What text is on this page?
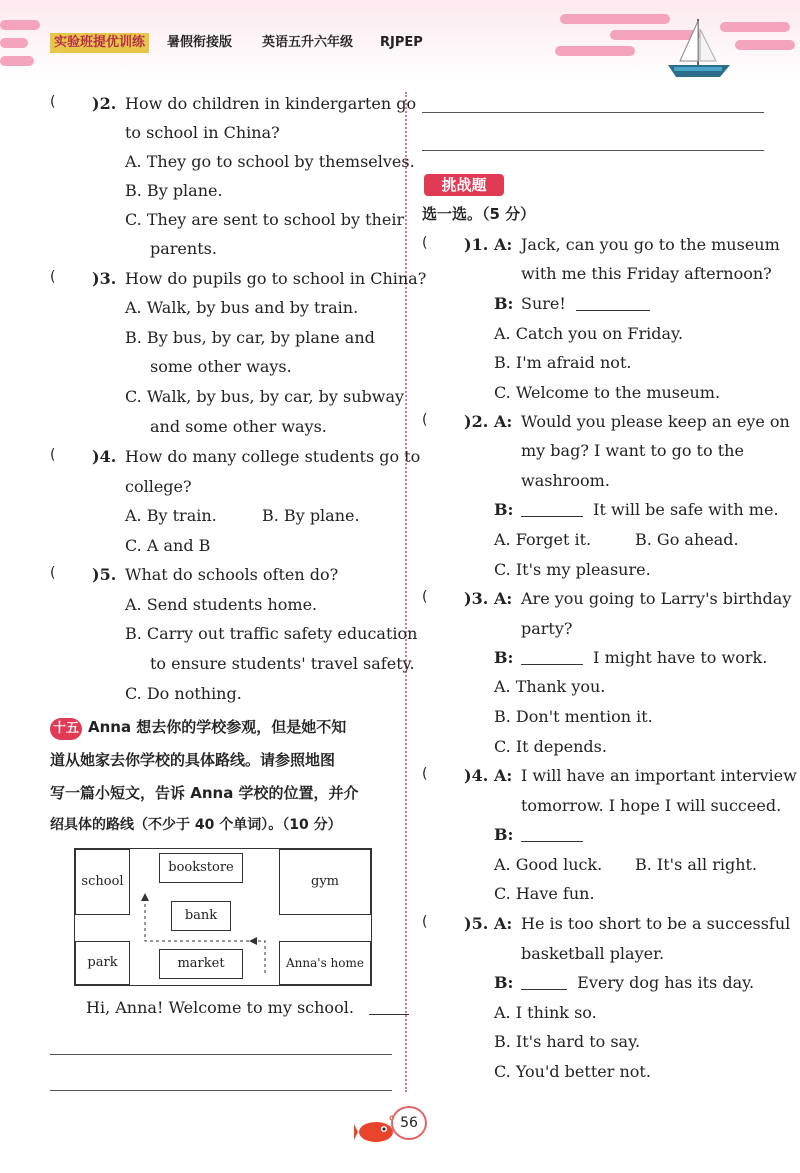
实验班提优训练	暑假衔接版 英语五升六年级 RJPEP
( )2. How do children in kindergarten go
to school in China?
A. They go to school by themselves.
B. By plane.
C. They are sent to school by their
parents.
( )3. How do pupils go to school in China?
A. Walk, by bus and by train.
B. By bus, by car, by plane and
some other ways.
C. Walk, by bus, by car, by subway
and some other ways.
( )4. How do many college students go to
college?
A. By train.	B. By plane.
C. A and B
( )5. What do schools often do?
A. Send students home.
B. Carry out traffic safety education
to ensure students' travel safety.
C. Do nothing.
十五 Anna 想去你的学校参观，但是她不知
道从她家去你学校的具体路线。请参照地图
写一篇小短文，告诉 Anna 学校的位置，并介
绍具体的路线（不少于 40 个单词）。（10 分）
school
bookstore
gym
bank
park	market	Anna's home
Hi, Anna! Welcome to my school.
挑战题
选一选。（5 分）
( )1. A: Jack, can you go to the museum
with me this Friday afternoon?
B: Sure!
A. Catch you on Friday.
B. I'm afraid not.
C. Welcome to the museum.
( )2. A: Would you please keep an eye on
my bag? I want to go to the
washroom.
B:	It will be safe with me.
A. Forget it.	B. Go ahead.
C. It's my pleasure.
( )3. A: Are you going to Larry's birthday
party?
B:	I might have to work.
A. Thank you.
B. Don't mention it.
C. It depends.
( )4. A: I will have an important interview
tomorrow. I hope I will succeed.
B:
A. Good luck. B. It's all right.
C. Have fun.
( )5. A: He is too short to be a successful
basketball player.
B:	Every dog has its day.
A. I think so.
B. It's hard to say.
C. You'd better not.
56
